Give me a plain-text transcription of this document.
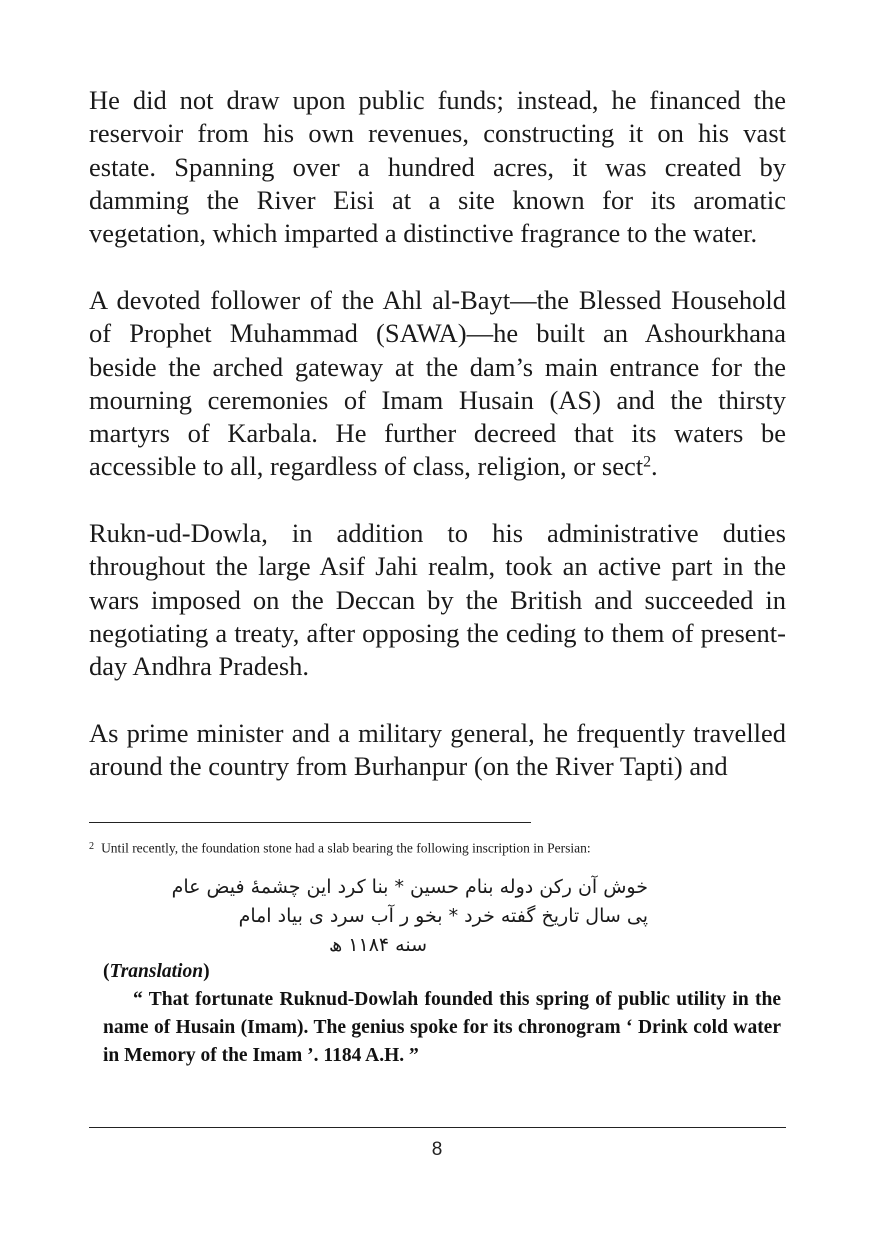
He did not draw upon public funds; instead, he financed the reservoir from his own revenues, constructing it on his vast estate. Spanning over a hundred acres, it was created by damming the River Eisi at a site known for its aromatic vegetation, which imparted a distinctive fragrance to the water.

A devoted follower of the Ahl al-Bayt—the Blessed Household of Prophet Muhammad (SAWA)—he built an Ashourkhana beside the arched gateway at the dam’s main entrance for the mourning ceremonies of Imam Husain (AS) and the thirsty martyrs of Karbala. He further decreed that its waters be accessible to all, regardless of class, religion, or sect$^2$.

Rukn-ud-Dowla, in addition to his administrative duties throughout the large Asif Jahi realm, took an active part in the wars imposed on the Deccan by the British and succeeded in negotiating a treaty, after opposing the ceding to them of present-day Andhra Pradesh.

As prime minister and a military general, he frequently travelled around the country from Burhanpur (on the River Tapti) and

$^2$ Until recently, the foundation stone had a slab bearing the following inscription in Persian:

خوش آن رکن دوله بنام حسین * بنا کرد این چشمۀ فیض عام
پی سال تاریخ گفته خرد * بخو ر آب سرد ی بیاد امام
سنه ۱۱۸۴ ھ
(Translation)
“ That fortunate Ruknud-Dowlah founded this spring of public utility in the name of Husain (Imam). The genius spoke for its chronogram ‘ Drink cold water in Memory of the Imam ’. 1184 A.H. ”
8
